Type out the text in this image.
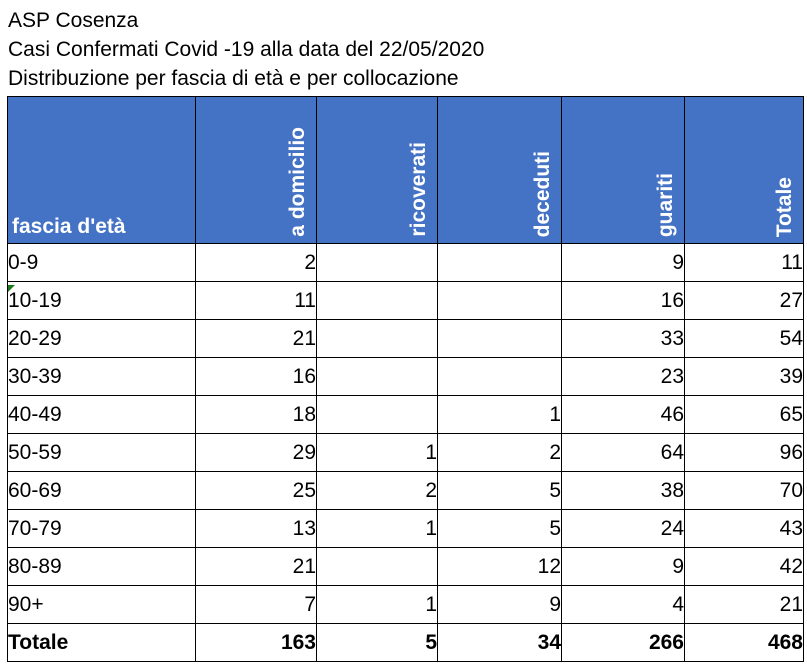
ASP Cosenza
Casi Confermati Covid -19 alla data del 22/05/2020
Distribuzione per fascia di età e per collocazione
fascia d'età	a domicilio	ricoverati	deceduti	guariti	Totale

0-9	2			9	11
10-19	11			16	27
20-29	21			33	54
30-39	16			23	39
40-49	18		1	46	65
50-59	29	1	2	64	96
60-69	25	2	5	38	70
70-79	13	1	5	24	43
80-89	21		12	9	42
90+	7	1	9	4	21
Totale	163	5	34	266	468
